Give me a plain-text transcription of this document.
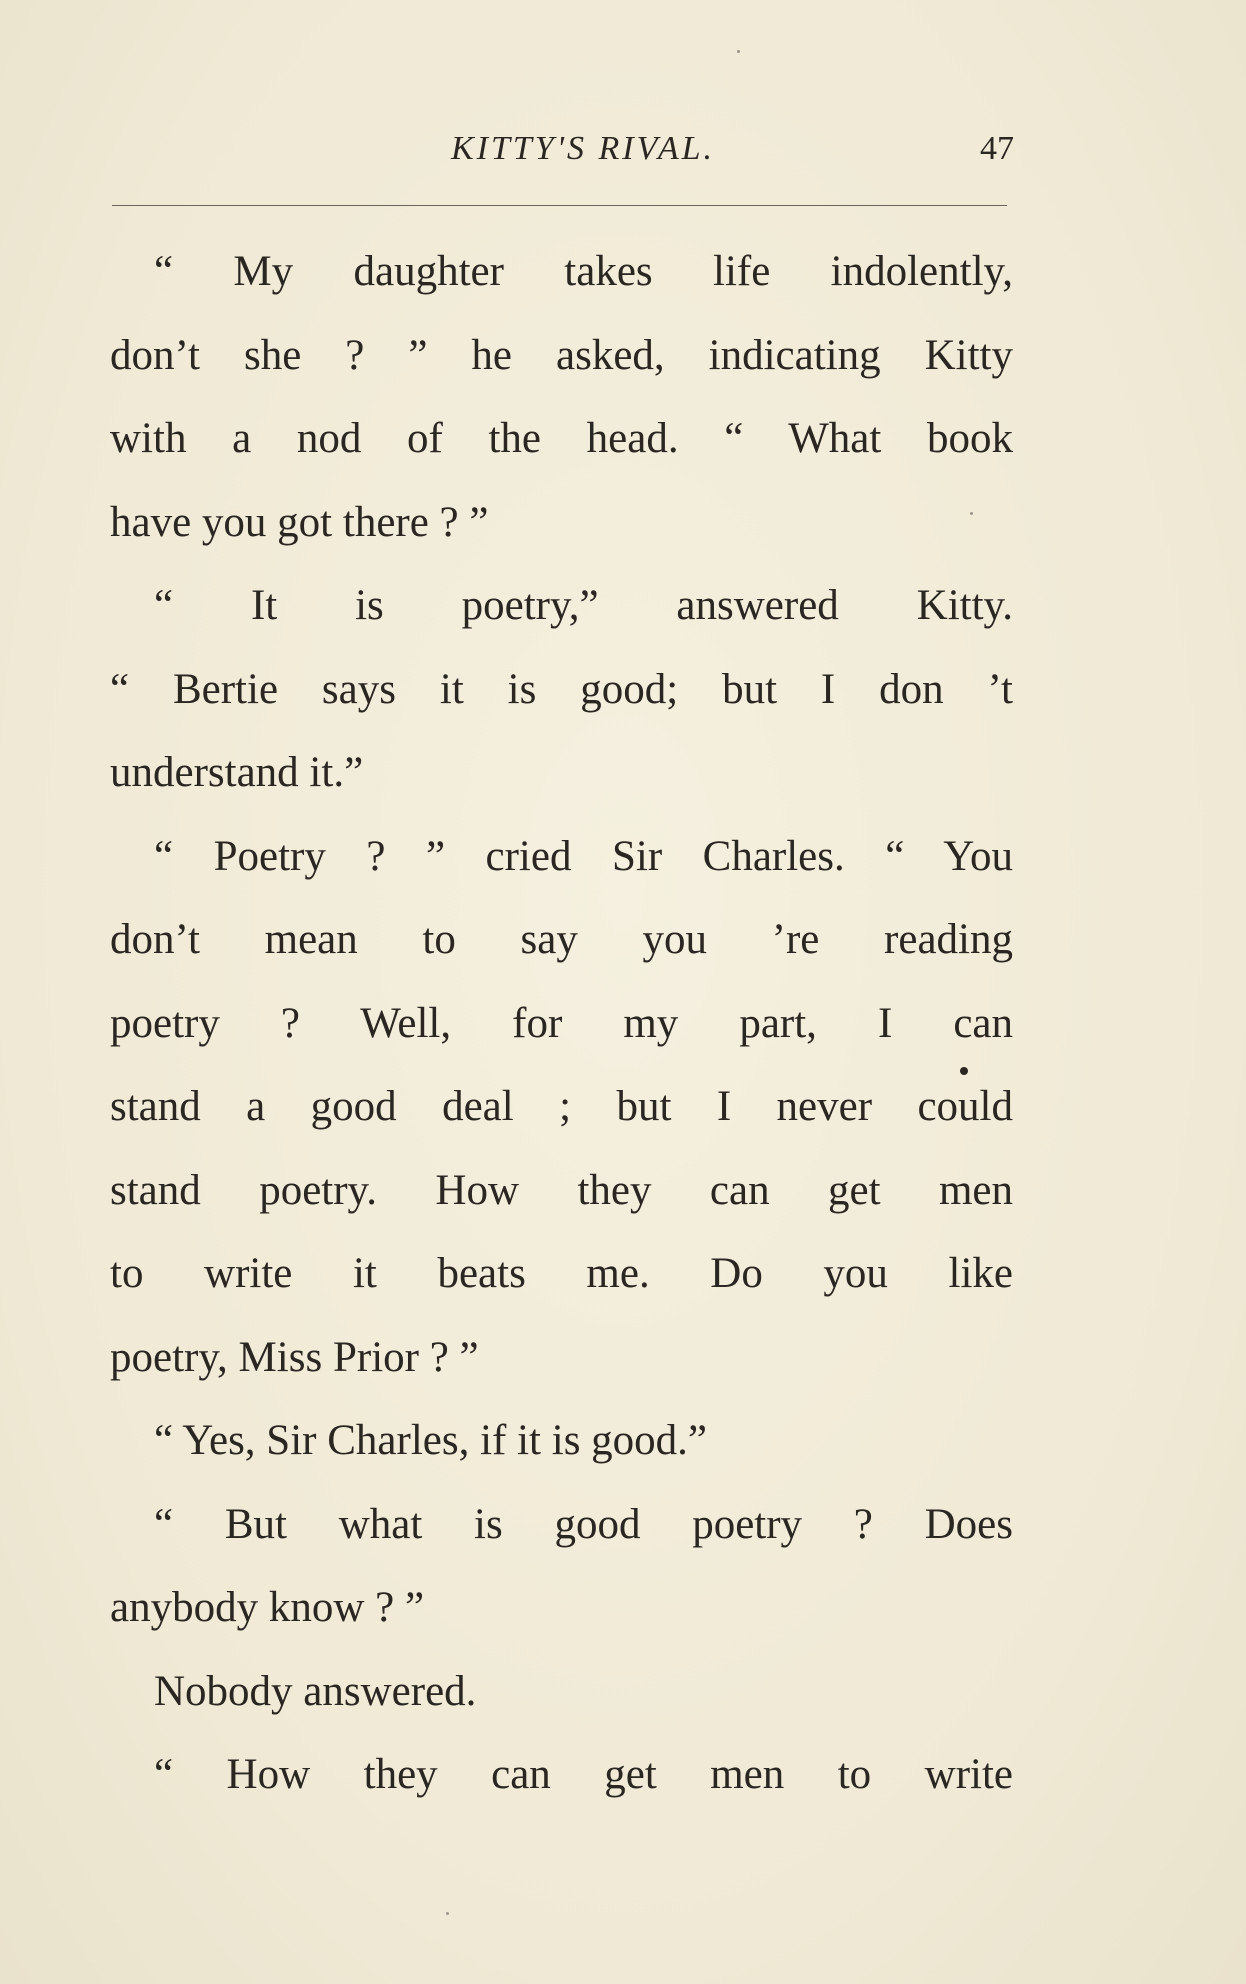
KITTY'S RIVAL.	47
“ My daughter takes life indolently,
don’t she ? ” he asked, indicating Kitty
with a nod of the head. “ What book
have you got there ? ”
“ It is poetry,” answered Kitty.
“ Bertie says it is good; but I don ’t
understand it.”
“ Poetry ? ” cried Sir Charles. “ You
don’t mean to say you ’re reading
poetry ? Well, for my part, I can
stand a good deal ; but I never could
stand poetry. How they can get men
to write it beats me. Do you like
poetry, Miss Prior ? ”
“ Yes, Sir Charles, if it is good.”
“ But what is good poetry ? Does
anybody know ? ”
Nobody answered.
“ How they can get men to write
